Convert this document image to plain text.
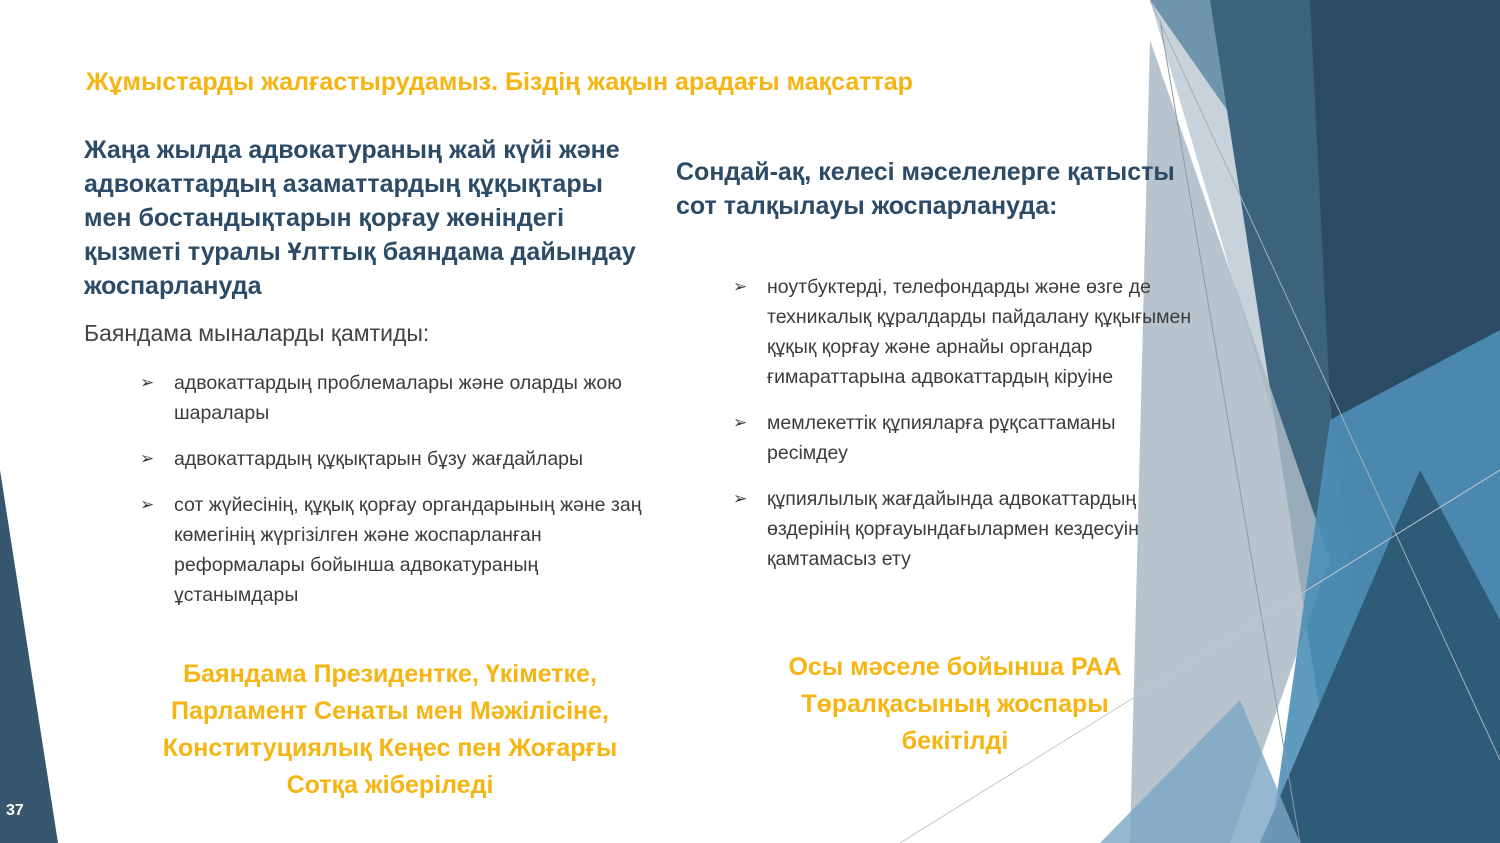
Жұмыстарды жалғастырудамыз. Біздің жақын арадағы мақсаттар
Жаңа жылда адвокатураның жай күйі және адвокаттардың азаматтардың құқықтары мен бостандықтарын қорғау жөніндегі қызметі туралы Ұлттық баяндама дайындау жоспарлануда

Баяндама мыналарды қамтиды:

➢ адвокаттардың проблемалары және оларды жою шаралары
➢ адвокаттардың құқықтарын бұзу жағдайлары
➢ сот жүйесінің, құқық қорғау органдарының және заң көмегінің жүргізілген және жоспарланған реформалары бойынша адвокатураның ұстанымдары

Баяндама Президентке, Үкіметке, Парламент Сенаты мен Мәжілісіне, Конституциялық Кеңес пен Жоғарғы Сотқа жіберіледі

Сондай-ақ, келесі мәселелерге қатысты сот талқылауы жоспарлануда:
➢ ноутбуктерді, телефондарды және өзге де техникалық құралдарды пайдалану құқығымен құқық қорғау және арнайы органдар ғимараттарына адвокаттардың кіруіне
➢ мемлекеттік құпияларға рұқсаттаманы ресімдеу
➢ құпиялылық жағдайында адвокаттардың өздерінің қорғауындағылармен кездесуін қамтамасыз ету

Осы мәселе бойынша РАА Төралқасының жоспары бекітілді

37
